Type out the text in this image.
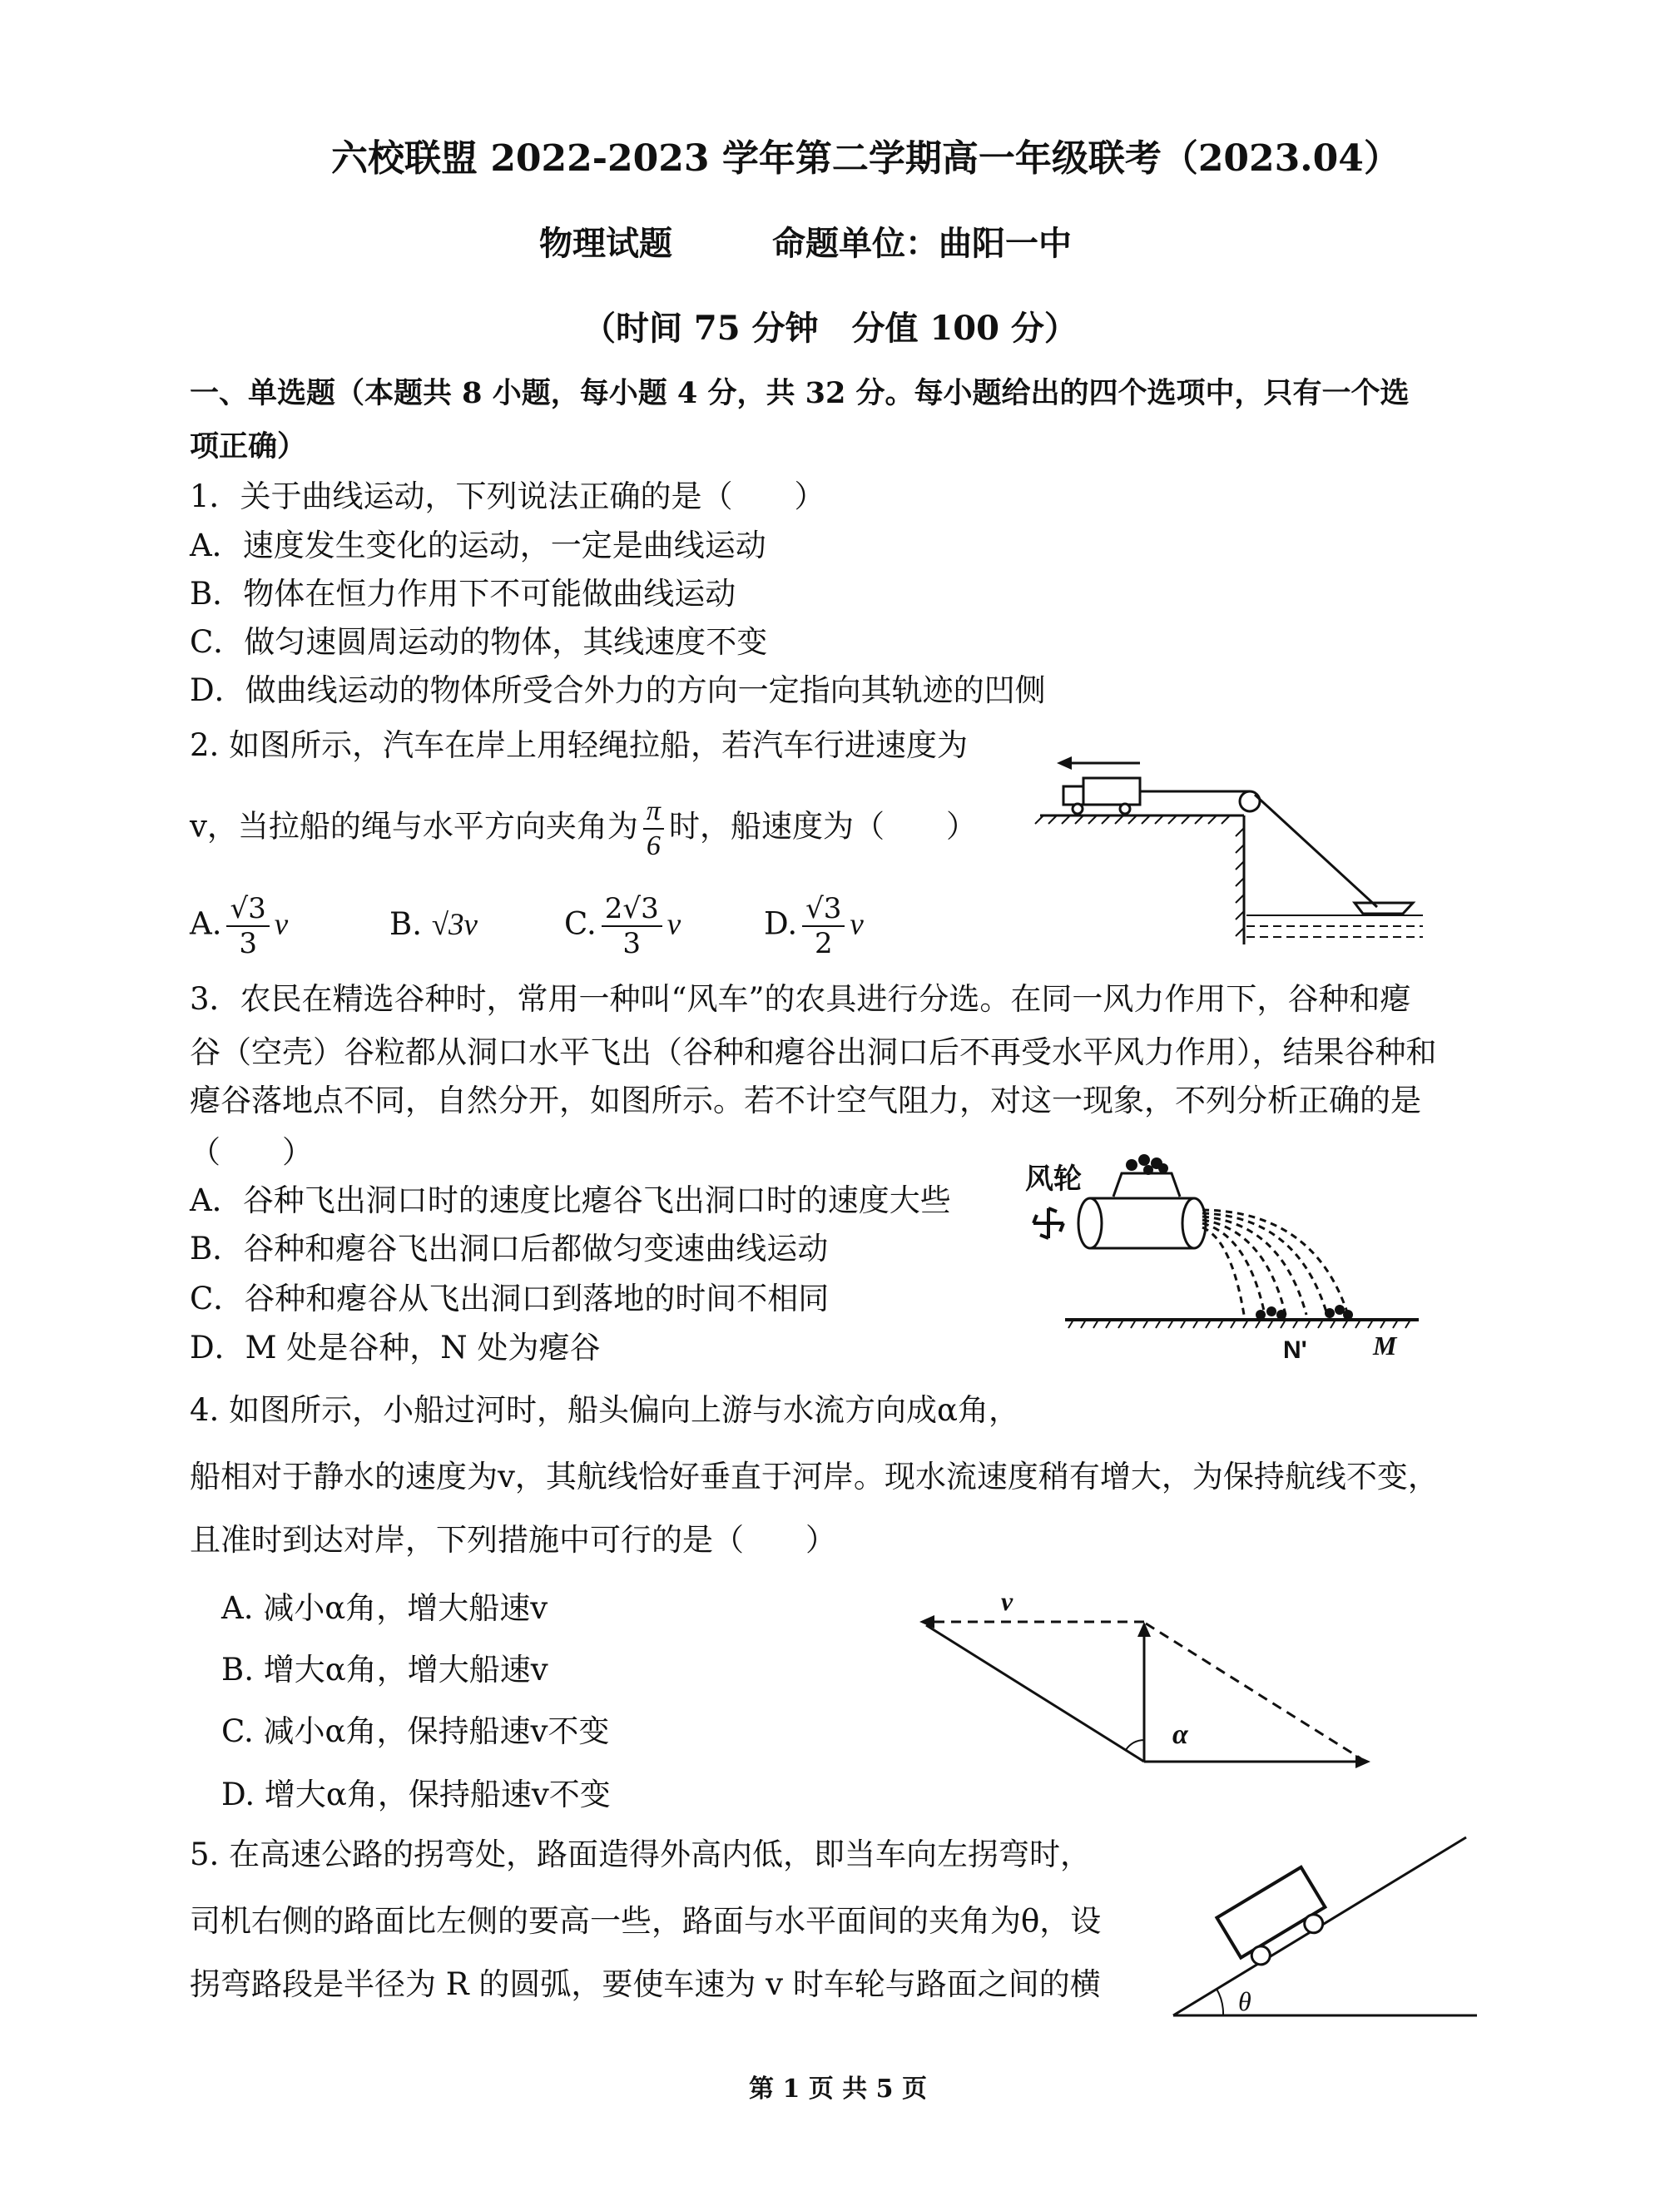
六校联盟 2022-2023 学年第二学期高一年级联考（2023.04）
物理试题	命题单位：曲阳一中
（时间 75 分钟　分值 100 分）
一、单选题（本题共 8 小题，每小题 4 分，共 32 分。每小题给出的四个选项中，只有一个选
项正确）
1．关于曲线运动，下列说法正确的是（　　）
A．速度发生变化的运动，一定是曲线运动
B．物体在恒力作用下不可能做曲线运动
C．做匀速圆周运动的物体，其线速度不变
D．做曲线运动的物体所受合外力的方向一定指向其轨迹的凹侧
2. 如图所示，汽车在岸上用轻绳拉船，若汽车行进速度为
v，当拉船的绳与水平方向夹角为 $\frac{\pi}{6}$ 时，船速度为（　　）
A. $\frac{√3}{3}$ v	B. √3v	C. $\frac{2√3}{3}$ v	D. $\frac{√3}{2}$ v
3．农民在精选谷种时，常用一种叫“风车”的农具进行分选。在同一风力作用下，谷种和瘪
谷（空壳）谷粒都从洞口水平飞出（谷种和瘪谷出洞口后不再受水平风力作用），结果谷种和
瘪谷落地点不同，自然分开，如图所示。若不计空气阻力，对这一现象，不列分析正确的是
（　　）
A．谷种飞出洞口时的速度比瘪谷飞出洞口时的速度大些
B．谷种和瘪谷飞出洞口后都做匀变速曲线运动
C．谷种和瘪谷从飞出洞口到落地的时间不相同
D．M 处是谷种，N 处为瘪谷
风轮
N' M
4. 如图所示，小船过河时，船头偏向上游与水流方向成α角，
船相对于静水的速度为v，其航线恰好垂直于河岸。现水流速度稍有增大，为保持航线不变，
且准时到达对岸，下列措施中可行的是（　　）
A. 减小α角，增大船速v
B. 增大α角，增大船速v
C. 减小α角，保持船速v不变
D. 增大α角，保持船速v不变
v
α
5. 在高速公路的拐弯处，路面造得外高内低，即当车向左拐弯时，
司机右侧的路面比左侧的要高一些，路面与水平面间的夹角为θ，设
拐弯路段是半径为 R 的圆弧，要使车速为 v 时车轮与路面之间的横	θ
第 1 页 共 5 页
